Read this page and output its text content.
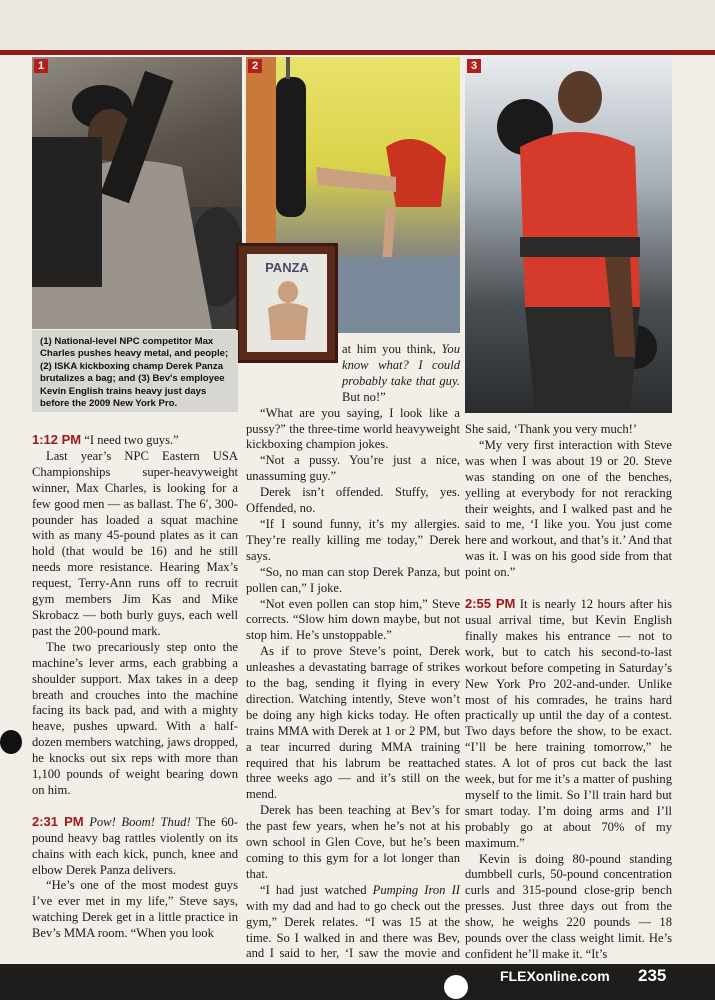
1	2	3
PANZA
(1) National-level NPC competitor Max Charles pushes heavy metal, and people; (2) ISKA kickboxing champ Derek Panza brutalizes a bag; and (3) Bev's employee Kevin English trains heavy just days before the 2009 New York Pro.

1:12 PM “I need two guys.”

Last year’s NPC Eastern USA Championships super-heavyweight winner, Max Charles, is looking for a few good men — as ballast. The 6′, 300-pounder has loaded a squat machine with as many 45-pound plates as it can hold (that would be 16) and he still needs more resistance. Hearing Max’s request, Terry-Ann runs off to recruit gym members Jim Kas and Mike Skrobacz — both burly guys, each well past the 200-pound mark.

The two precariously step onto the machine’s lever arms, each grabbing a shoulder support. Max takes in a deep breath and crouches into the machine facing its back pad, and with a mighty heave, pushes upward. With a half-dozen members watching, jaws dropped, he knocks out six reps with more than 1,100 pounds of weight bearing down on him.

2:31 PM Pow! Boom! Thud! The 60-pound heavy bag rattles violently on its chains with each kick, punch, knee and elbow Derek Panza delivers.

“He’s one of the most modest guys I’ve ever met in my life,” Steve says, watching Derek get in a little practice in Bev’s MMA room. “When you look

at him you think, You know what? I could probably take that guy. But no!”

“What are you saying, I look like a pussy?” the three-time world heavyweight kickboxing champion jokes.

“Not a pussy. You’re just a nice, unassuming guy.”

Derek isn’t offended. Stuffy, yes. Offended, no.

“If I sound funny, it’s my allergies. They’re really killing me today,” Derek says.

“So, no man can stop Derek Panza, but pollen can,” I joke.

“Not even pollen can stop him,” Steve corrects. “Slow him down maybe, but not stop him. He’s unstoppable.”

As if to prove Steve’s point, Derek unleashes a devastating barrage of strikes to the bag, sending it flying in every direction. Watching intently, Steve won’t be doing any high kicks today. He often trains MMA with Derek at 1 or 2 PM, but a tear incurred during MMA training required that his labrum be reattached three weeks ago — and it’s still on the mend.

Derek has been teaching at Bev’s for the past few years, when he’s not at his own school in Glen Cove, but he’s been coming to this gym for a lot longer than that.

“I had just watched Pumping Iron II with my dad and had to go check out the gym,” Derek relates. “I was 15 at the time. So I walked in and there was Bev, and I said to her, ‘I saw the movie and

She said, ‘Thank you very much!’

“My very first interaction with Steve was when I was about 19 or 20. Steve was standing on one of the benches, yelling at everybody for not reracking their weights, and I walked past and he said to me, ‘I like you. You just come here and workout, and that’s it.’ And that was it. I was on his good side from that point on.”

2:55 PM It is nearly 12 hours after his usual arrival time, but Kevin English finally makes his entrance — not to work, but to catch his second-to-last workout before competing in Saturday’s New York Pro 202-and-under. Unlike most of his comrades, he trains hard practically up until the day of a contest. Two days before the show, to be exact. “I’ll be here training tomorrow,” he states. A lot of pros cut back the last week, but for me it’s a matter of pushing myself to the limit. So I’ll train hard but smart today. I’m doing arms and I’ll probably go at about 70% of my maximum.”

Kevin is doing 80-pound standing dumbbell curls, 50-pound concentration curls and 315-pound close-grip bench presses. Just three days out from the show, he weighs 220 pounds — 18 pounds over the class weight limit. He’s confident he’ll make it. “It’s

FLEXonline.com 235
